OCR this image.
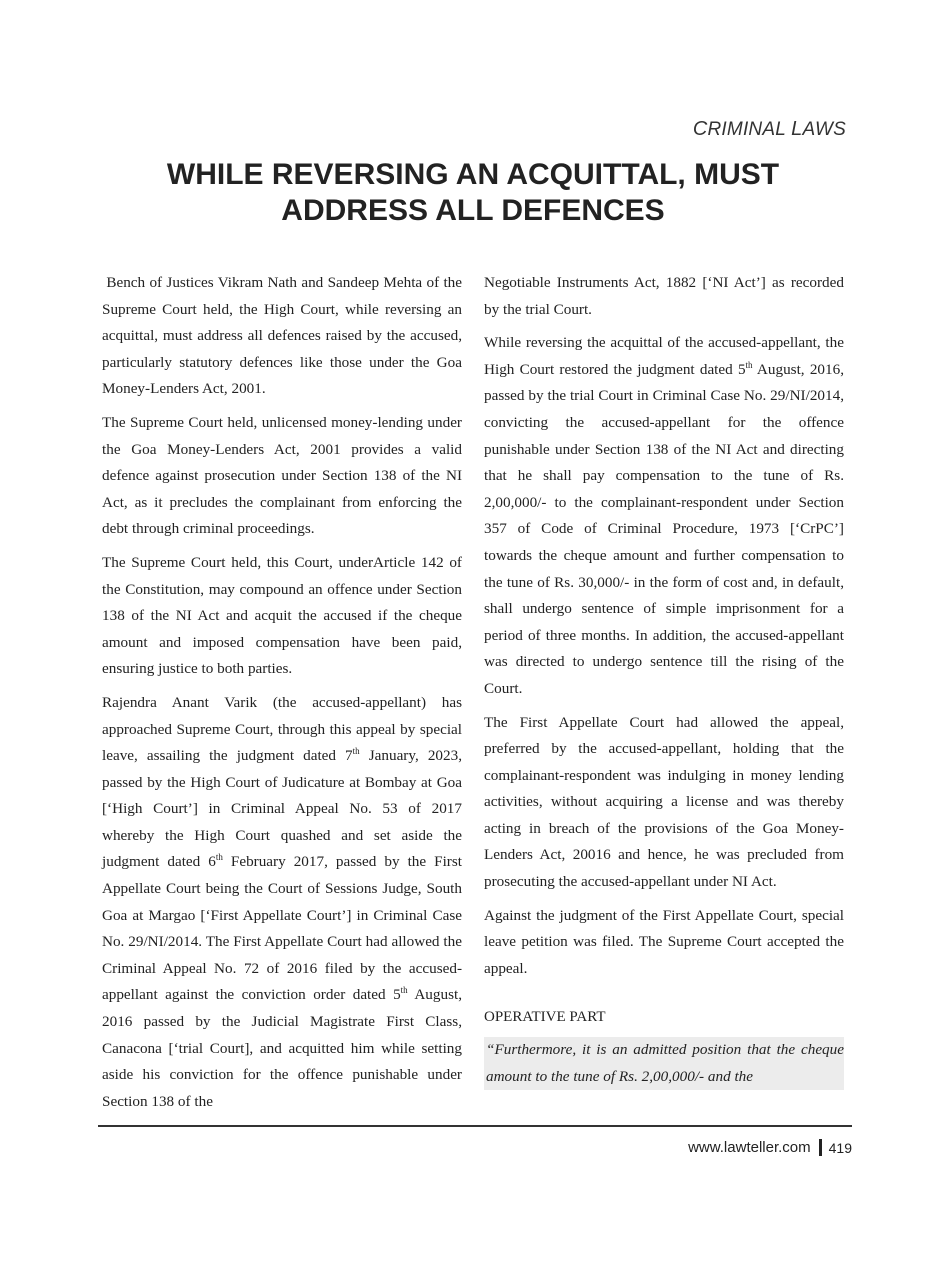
CRIMINAL LAWS
WHILE REVERSING AN ACQUITTAL, MUST
ADDRESS ALL DEFENCES

Bench of Justices Vikram Nath and Sandeep Mehta of the Supreme Court held, the High Court, while reversing an acquittal, must address all defences raised by the accused, particularly statutory defences like those under the Goa Money-Lenders Act, 2001.

The Supreme Court held, unlicensed money-lending under the Goa Money-Lenders Act, 2001 provides a valid defence against prosecution under Section 138 of the NI Act, as it precludes the complainant from enforcing the debt through criminal proceedings.

The Supreme Court held, this Court, underArticle 142 of the Constitution, may compound an offence under Section 138 of the NI Act and acquit the accused if the cheque amount and imposed compensation have been paid, ensuring justice to both parties.

Rajendra Anant Varik (the accused-appellant) has approached Supreme Court, through this appeal by special leave, assailing the judgment dated 7th January, 2023, passed by the High Court of Judicature at Bombay at Goa [‘High Court’] in Criminal Appeal No. 53 of 2017 whereby the High Court quashed and set aside the judgment dated 6th February 2017, passed by the First Appellate Court being the Court of Sessions Judge, South Goa at Margao [‘First Appellate Court’] in Criminal Case No. 29/NI/2014. The First Appellate Court had allowed the Criminal Appeal No. 72 of 2016 filed by the accused-appellant against the conviction order dated 5th August, 2016 passed by the Judicial Magistrate First Class, Canacona [‘trial Court], and acquitted him while setting aside his conviction for the offence punishable under Section 138 of the

Negotiable Instruments Act, 1882 [‘NI Act’] as recorded by the trial Court.

While reversing the acquittal of the accused-appellant, the High Court restored the judgment dated 5th August, 2016, passed by the trial Court in Criminal Case No. 29/NI/2014, convicting the accused-appellant for the offence punishable under Section 138 of the NI Act and directing that he shall pay compensation to the tune of Rs. 2,00,000/- to the complainant-respondent under Section 357 of Code of Criminal Procedure, 1973 [‘CrPC’] towards the cheque amount and further compensation to the tune of Rs. 30,000/- in the form of cost and, in default, shall undergo sentence of simple imprisonment for a period of three months. In addition, the accused-appellant was directed to undergo sentence till the rising of the Court.

The First Appellate Court had allowed the appeal, preferred by the accused-appellant, holding that the complainant-respondent was indulging in money lending activities, without acquiring a license and was thereby acting in breach of the provisions of the Goa Money-Lenders Act, 20016 and hence, he was precluded from prosecuting the accused-appellant under NI Act.

Against the judgment of the First Appellate Court, special leave petition was filed. The Supreme Court accepted the appeal.

OPERATIVE PART

“Furthermore, it is an admitted position that the cheque amount to the tune of Rs. 2,00,000/- and the

www.lawteller.com 419
